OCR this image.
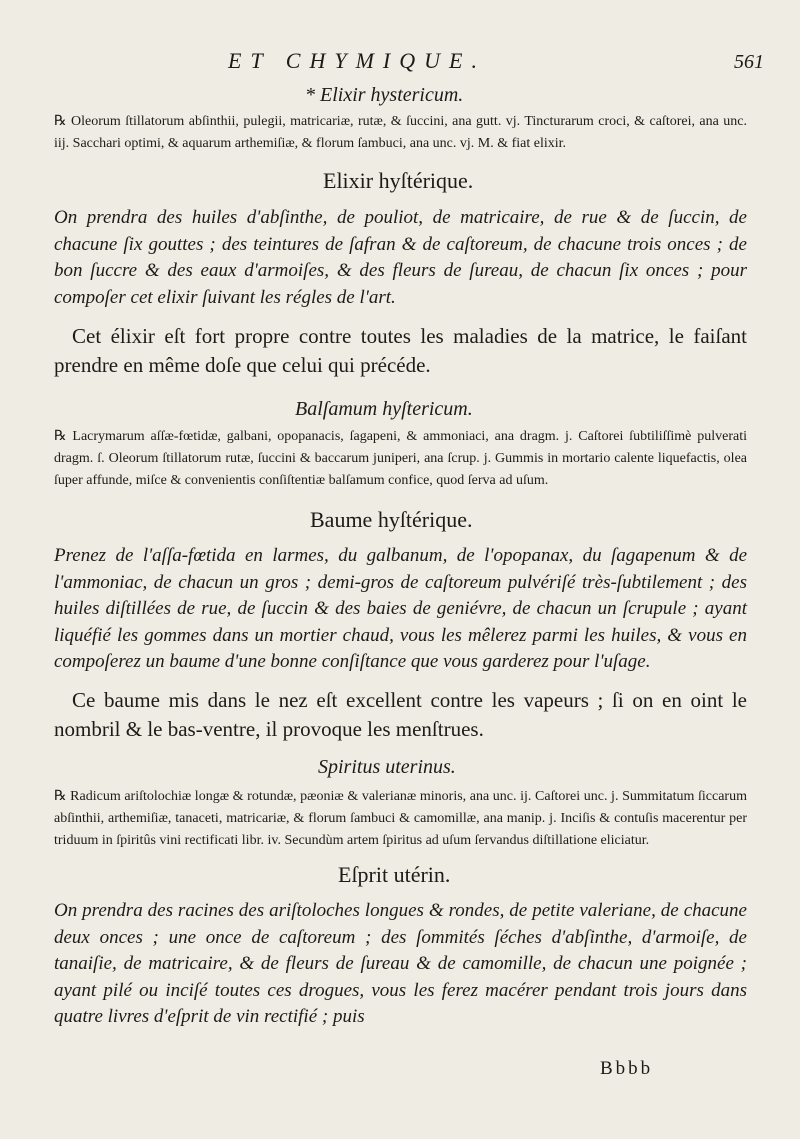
ET CHYMIQUE.	561
* Elixir hystericum.

℞ Oleorum ſtillatorum abſinthii, pulegii, matricariæ, rutæ, & ſuccini, ana gutt. vj. Tincturarum croci, & caſtorei, ana unc. iij. Sacchari optimi, & aquarum arthemiſiæ, & florum ſambuci, ana unc. vj. M. & fiat elixir.

Elixir hyſtérique.

On prendra des huiles d'abſinthe, de pouliot, de matricaire, de rue & de ſuccin, de chacune ſix gouttes ; des teintures de ſafran & de caſtoreum, de chacune trois onces ; de bon ſuccre & des eaux d'armoiſes, & des fleurs de ſureau, de chacun ſix onces ; pour compoſer cet elixir ſuivant les régles de l'art.

Cet élixir eſt fort propre contre toutes les maladies de la matrice, le faiſant prendre en même doſe que celui qui précéde.

Balſamum hyſtericum.

℞ Lacrymarum aſſæ-fœtidæ, galbani, opopanacis, ſagapeni, & ammoniaci, ana dragm. j. Caſtorei ſubtiliſſimè pulverati dragm. ſ. Oleorum ſtillatorum rutæ, ſuccini & baccarum juniperi, ana ſcrup. j. Gummis in mortario calente liquefactis, olea ſuper affunde, miſce & convenientis conſiſtentiæ balſamum confice, quod ſerva ad uſum.

Baume hyſtérique.

Prenez de l'aſſa-fœtida en larmes, du galbanum, de l'opopanax, du ſagapenum & de l'ammoniac, de chacun un gros ; demi-gros de caſtoreum pulvériſé très-ſubtilement ; des huiles diſtillées de rue, de ſuccin & des baies de geniévre, de chacun un ſcrupule ; ayant liquéfié les gommes dans un mortier chaud, vous les mêlerez parmi les huiles, & vous en compoſerez un baume d'une bonne conſiſtance que vous garderez pour l'uſage.

Ce baume mis dans le nez eſt excellent contre les vapeurs ; ſi on en oint le nombril & le bas-ventre, il provoque les menſtrues.

Spiritus uterinus.

℞ Radicum ariſtolochiæ longæ & rotundæ, pæoniæ & valerianæ minoris, ana unc. ij. Caſtorei unc. j. Summitatum ſiccarum abſinthii, arthemiſiæ, tanaceti, matricariæ, & florum ſambuci & camomillæ, ana manip. j. Inciſis & contuſis macerentur per triduum in ſpiritûs vini rectificati libr. iv. Secundùm artem ſpiritus ad uſum ſervandus diſtillatione eliciatur.

Eſprit utérin.

On prendra des racines des ariſtoloches longues & rondes, de petite valeriane, de chacune deux onces ; une once de caſtoreum ; des ſommités ſéches d'abſinthe, d'armoiſe, de tanaiſie, de matricaire, & de fleurs de ſureau & de camomille, de chacun une poignée ; ayant pilé ou inciſé toutes ces drogues, vous les ferez macérer pendant trois jours dans quatre livres d'eſprit de vin rectifié ; puis

Bbbb
